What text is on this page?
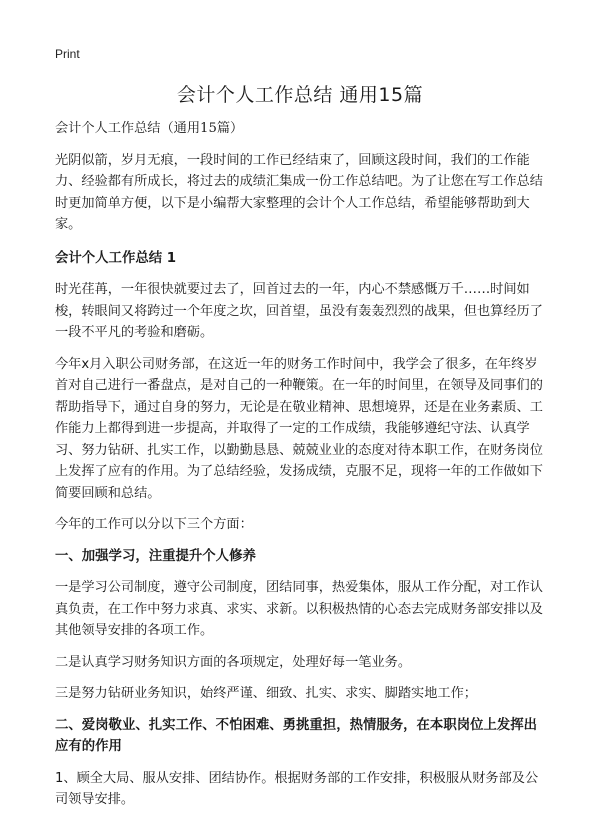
Print
会计个人工作总结 通用15篇

会计个人工作总结（通用15篇）

光阴似箭，岁月无痕，一段时间的工作已经结束了，回顾这段时间，我们的工作能力、经验都有所成长，将过去的成绩汇集成一份工作总结吧。为了让您在写工作总结时更加简单方便，以下是小编帮大家整理的会计个人工作总结，希望能够帮助到大家。

会计个人工作总结 1

时光荏苒，一年很快就要过去了，回首过去的一年，内心不禁感慨万千……时间如梭，转眼间又将跨过一个年度之坎，回首望，虽没有轰轰烈烈的战果，但也算经历了一段不平凡的考验和磨砺。

今年x月入职公司财务部，在这近一年的财务工作时间中，我学会了很多，在年终岁首对自己进行一番盘点，是对自己的一种鞭策。在一年的时间里，在领导及同事们的帮助指导下，通过自身的努力，无论是在敬业精神、思想境界，还是在业务素质、工作能力上都得到进一步提高，并取得了一定的工作成绩，我能够遵纪守法、认真学习、努力钻研、扎实工作，以勤勤恳恳、兢兢业业的态度对待本职工作，在财务岗位上发挥了应有的作用。为了总结经验，发扬成绩，克服不足，现将一年的工作做如下简要回顾和总结。

今年的工作可以分以下三个方面：

一、加强学习，注重提升个人修养

一是学习公司制度，遵守公司制度，团结同事，热爱集体，服从工作分配，对工作认真负责，在工作中努力求真、求实、求新。以积极热情的心态去完成财务部安排以及其他领导安排的各项工作。

二是认真学习财务知识方面的各项规定，处理好每一笔业务。

三是努力钻研业务知识，始终严谨、细致、扎实、求实、脚踏实地工作；

二、爱岗敬业、扎实工作、不怕困难、勇挑重担，热情服务，在本职岗位上发挥出应有的作用

1、顾全大局、服从安排、团结协作。根据财务部的工作安排，积极服从财务部及公司领导安排。
